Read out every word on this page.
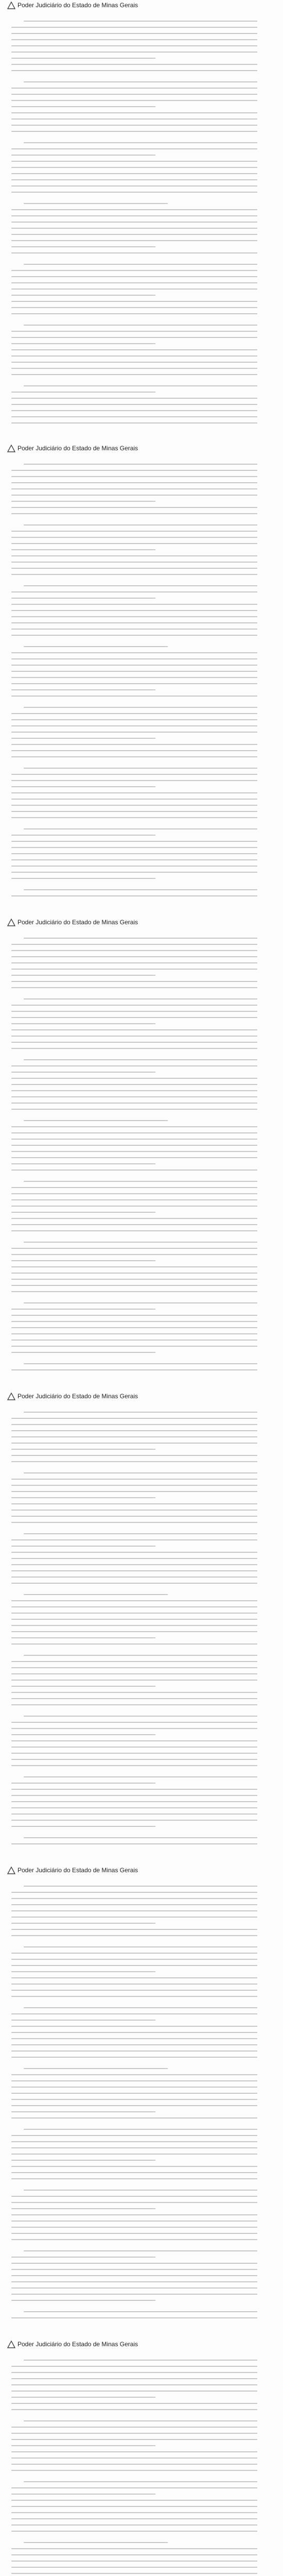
Poder Judiciário do Estado de Minas Gerais
Poder Judiciário do Estado de Minas Gerais
Poder Judiciário do Estado de Minas Gerais
Poder Judiciário do Estado de Minas Gerais
Poder Judiciário do Estado de Minas Gerais
Poder Judiciário do Estado de Minas Gerais
